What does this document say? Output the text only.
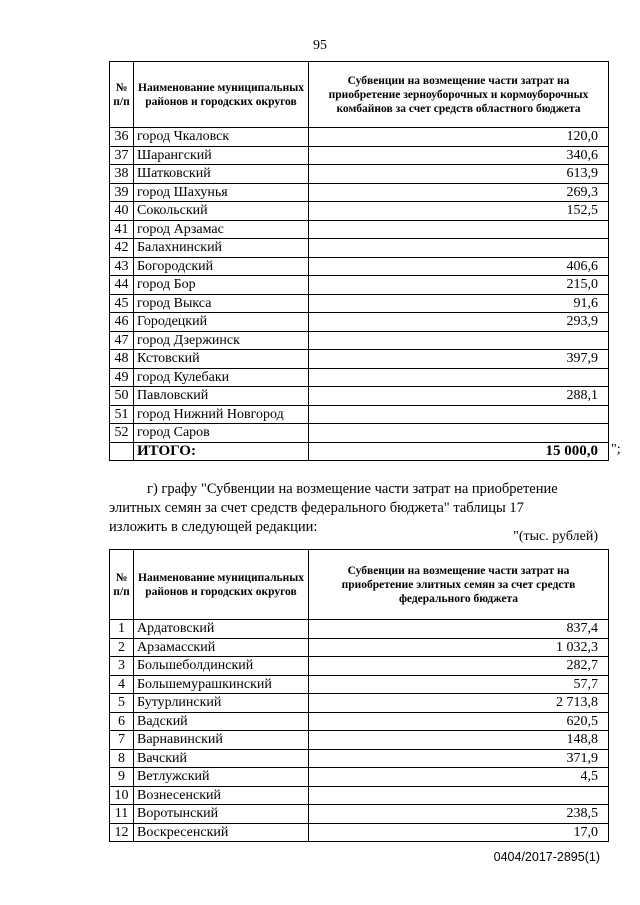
95
№ п/п	Наименование муниципальных районов и городских округов	Субвенции на возмещение части затрат на приобретение зерноуборочных и кормоуборочных комбайнов за счет средств областного бюджета
36	город Чкаловск	120,0
37	Шарангский	340,6
38	Шатковский	613,9
39	город Шахунья	269,3
40	Сокольский	152,5
41	город Арзамас	
42	Балахнинский	
43	Богородский	406,6
44	город Бор	215,0
45	город Выкса	91,6
46	Городецкий	293,9
47	город Дзержинск	
48	Кстовский	397,9
49	город Кулебаки	
50	Павловский	288,1
51	город Нижний Новгород	
52	город Саров	
	ИТОГО:	15 000,0 ";
г) графу "Субвенции на возмещение части затрат на приобретение
элитных семян за счет средств федерального бюджета" таблицы 17
изложить в следующей редакции:
"(тыс. рублей)
№ п/п	Наименование муниципальных районов и городских округов	Субвенции на возмещение части затрат на приобретение элитных семян за счет средств федерального бюджета
1	Ардатовский	837,4
2	Арзамасский	1 032,3
3	Большеболдинский	282,7
4	Большемурашкинский	57,7
5	Бутурлинский	2 713,8
6	Вадский	620,5
7	Варнавинский	148,8
8	Вачский	371,9
9	Ветлужский	4,5
10	Вознесенский	
11	Воротынский	238,5
12	Воскресенский	17,0
0404/2017-2895(1)
